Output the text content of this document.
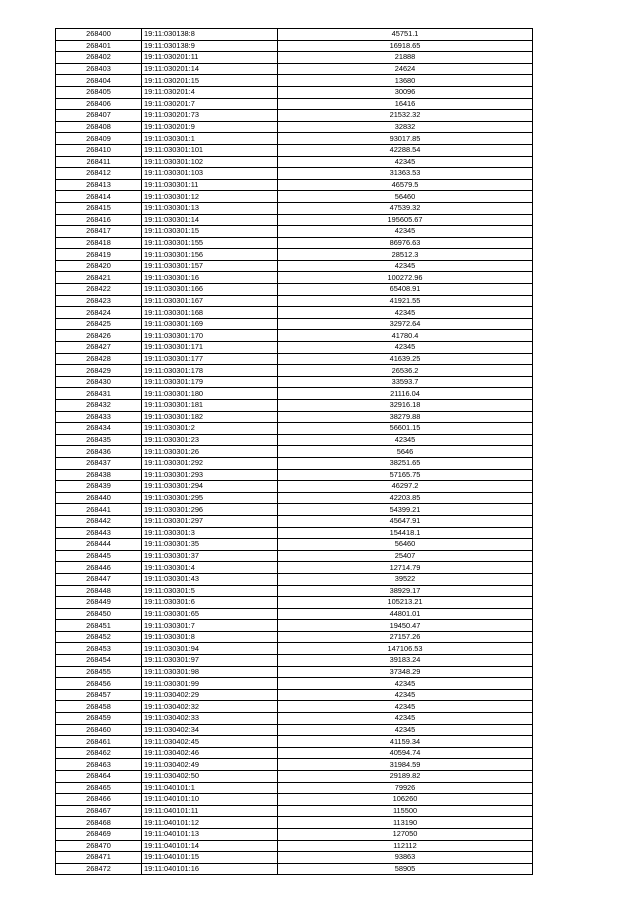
268400	19:11:030138:8	45751.1
268401	19:11:030138:9	16918.65
268402	19:11:030201:11	21888
268403	19:11:030201:14	24624
268404	19:11:030201:15	13680
268405	19:11:030201:4	30096
268406	19:11:030201:7	16416
268407	19:11:030201:73	21532.32
268408	19:11:030201:9	32832
268409	19:11:030301:1	93017.85
268410	19:11:030301:101	42288.54
268411	19:11:030301:102	42345
268412	19:11:030301:103	31363.53
268413	19:11:030301:11	46579.5
268414	19:11:030301:12	56460
268415	19:11:030301:13	47539.32
268416	19:11:030301:14	195605.67
268417	19:11:030301:15	42345
268418	19:11:030301:155	86976.63
268419	19:11:030301:156	28512.3
268420	19:11:030301:157	42345
268421	19:11:030301:16	100272.96
268422	19:11:030301:166	65408.91
268423	19:11:030301:167	41921.55
268424	19:11:030301:168	42345
268425	19:11:030301:169	32972.64
268426	19:11:030301:170	41780.4
268427	19:11:030301:171	42345
268428	19:11:030301:177	41639.25
268429	19:11:030301:178	26536.2
268430	19:11:030301:179	33593.7
268431	19:11:030301:180	21116.04
268432	19:11:030301:181	32916.18
268433	19:11:030301:182	38279.88
268434	19:11:030301:2	56601.15
268435	19:11:030301:23	42345
268436	19:11:030301:26	5646
268437	19:11:030301:292	38251.65
268438	19:11:030301:293	57165.75
268439	19:11:030301:294	46297.2
268440	19:11:030301:295	42203.85
268441	19:11:030301:296	54399.21
268442	19:11:030301:297	45647.91
268443	19:11:030301:3	154418.1
268444	19:11:030301:35	56460
268445	19:11:030301:37	25407
268446	19:11:030301:4	12714.79
268447	19:11:030301:43	39522
268448	19:11:030301:5	38929.17
268449	19:11:030301:6	105213.21
268450	19:11:030301:65	44801.01
268451	19:11:030301:7	19450.47
268452	19:11:030301:8	27157.26
268453	19:11:030301:94	147106.53
268454	19:11:030301:97	39183.24
268455	19:11:030301:98	37348.29
268456	19:11:030301:99	42345
268457	19:11:030402:29	42345
268458	19:11:030402:32	42345
268459	19:11:030402:33	42345
268460	19:11:030402:34	42345
268461	19:11:030402:45	41159.34
268462	19:11:030402:46	40594.74
268463	19:11:030402:49	31984.59
268464	19:11:030402:50	29189.82
268465	19:11:040101:1	79926
268466	19:11:040101:10	106260
268467	19:11:040101:11	115500
268468	19:11:040101:12	113190
268469	19:11:040101:13	127050
268470	19:11:040101:14	112112
268471	19:11:040101:15	93863
268472	19:11:040101:16	58905
